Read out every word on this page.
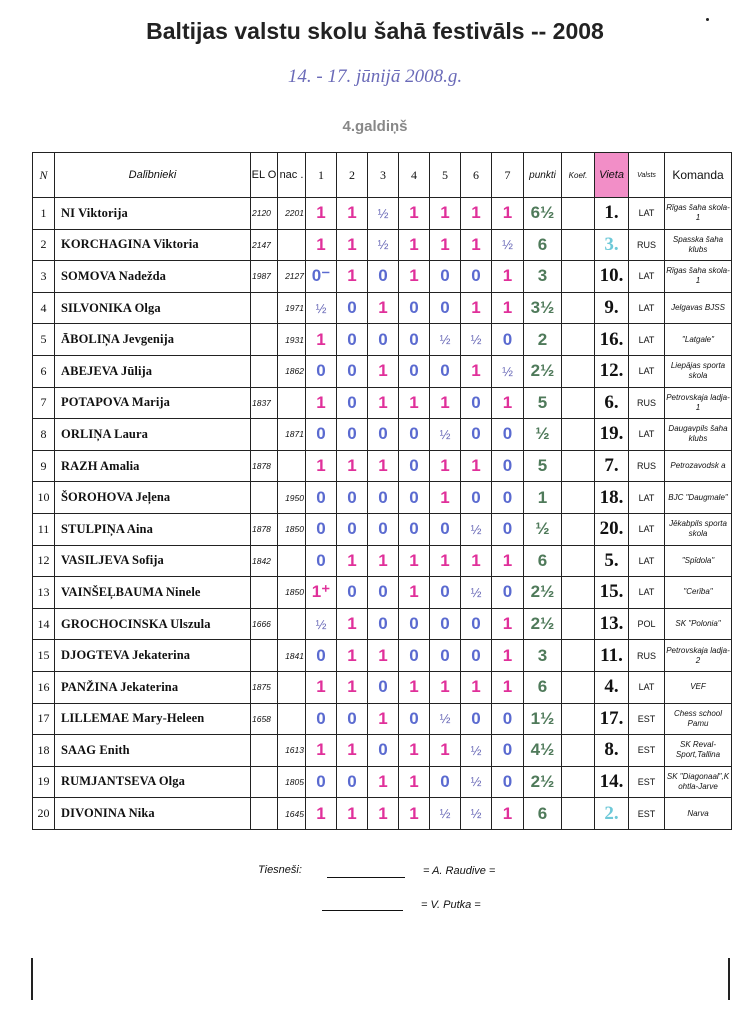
Baltijas valstu skolu šahā festivāls -- 2008
14. - 17. jūnijā 2008.g.
4.galdiņš
N	Dalībnieki	EL O	nac .	1	2	3	4	5	6	7	punkti	Koef.	Vieta	Valsts	Komanda
1	NI Viktorija	2120	2201	1	1	½	1	1	1	1	6½		1.	LAT	Rīgas šaha skola-1
2	KORCHAGINA Viktoria	2147		1	1	½	1	1	1	½	6		3.	RUS	Spasska šaha klubs
3	SOMOVA Nadežda	1987	2127	0⁻	1	0	1	0	0	1	3		10.	LAT	Rīgas šaha skola-1
4	SILVONIKA Olga		1971	½	0	1	0	0	1	1	3½		9.	LAT	Jelgavas BJSS
5	ĀBOLIŅA Jevgenija		1931	1	0	0	0	½	½	0	2		16.	LAT	"Latgale"
6	ABEJEVA Jūlija		1862	0	0	1	0	0	1	½	2½		12.	LAT	Liepājas sporta skola
7	POTAPOVA Marija	1837		1	0	1	1	1	0	1	5		6.	RUS	Petrovskaja ladja-1
8	ORLIŅA Laura		1871	0	0	0	0	½	0	0	½		19.	LAT	Daugavpils šaha klubs
9	RAZH Amalia	1878		1	1	1	0	1	1	0	5		7.	RUS	Petrozavodsk a
10	ŠOROHOVA Jeļena		1950	0	0	0	0	1	0	0	1		18.	LAT	BJC "Daugmale"
11	STULPIŅA Aina	1878	1850	0	0	0	0	0	½	0	½		20.	LAT	Jēkabpils sporta skola
12	VASILJEVA Sofija	1842		0	1	1	1	1	1	1	6		5.	LAT	"Spīdola"
13	VAINŠEĻBAUMA Ninele		1850	1⁺	0	0	1	0	½	0	2½		15.	LAT	"Cerība"
14	GROCHOCINSKA Ulszula	1666		½	1	0	0	0	0	1	2½		13.	POL	SK "Polonia"
15	DJOGTEVA Jekaterina		1841	0	1	1	0	0	0	1	3		11.	RUS	Petrovskaja ladja-2
16	PANŽINA Jekaterina	1875		1	1	0	1	1	1	1	6		4.	LAT	VEF
17	LILLEMAE Mary-Heleen	1658		0	0	1	0	½	0	0	1½		17.	EST	Chess school Pamu
18	SAAG Enith		1613	1	1	0	1	1	½	0	4½		8.	EST	SK Reval-Sport,Tallina
19	RUMJANTSEVA Olga		1805	0	0	1	1	0	½	0	2½		14.	EST	SK "Diagonaal",K ohtla-Jarve
20	DIVONINA Nika		1645	1	1	1	1	½	½	1	6		2.	EST	Narva
Tiesneši:	= A. Raudive =
= V. Putka =
